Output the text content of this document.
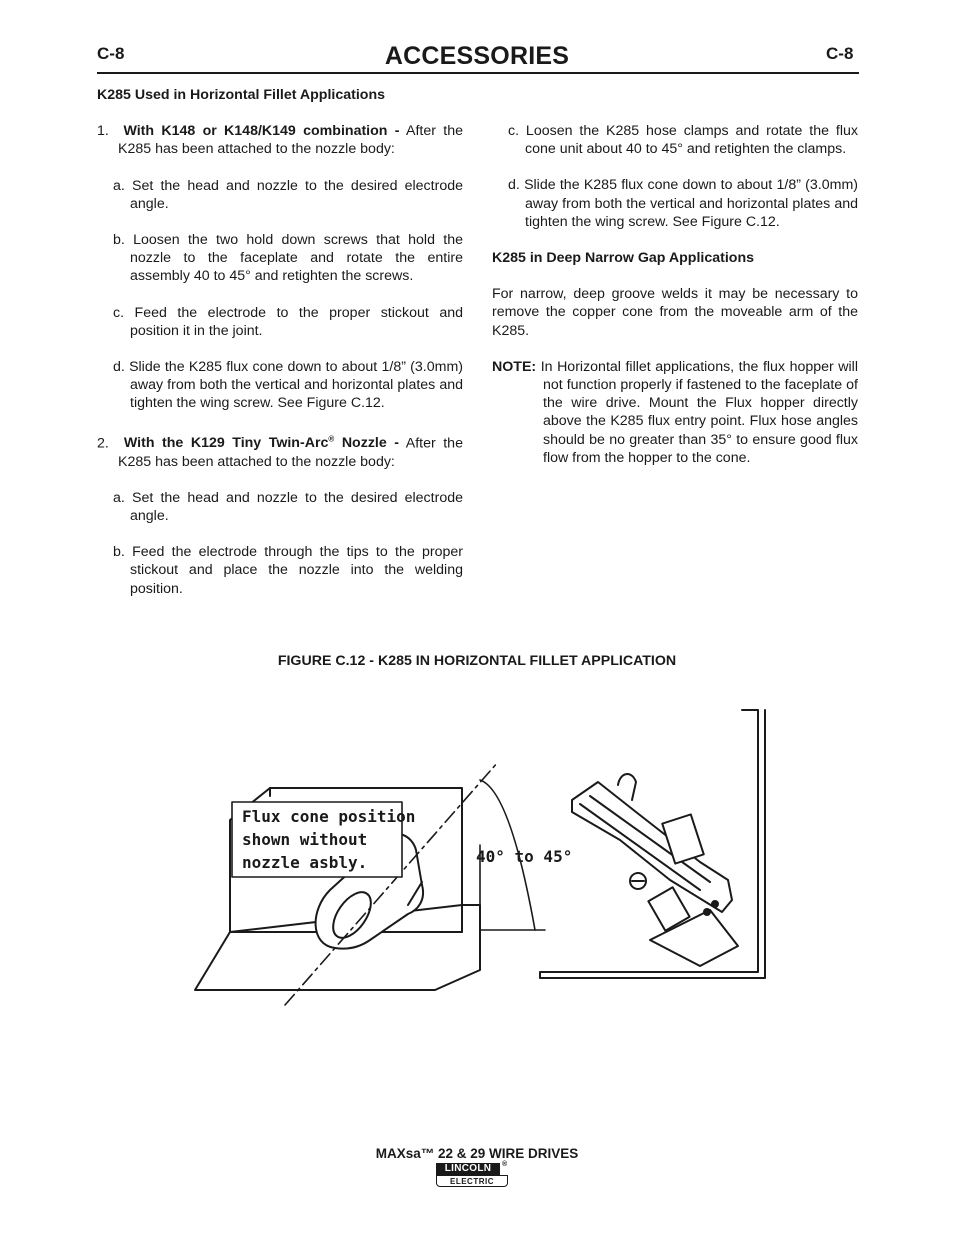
C-8	ACCESSORIES	C-8

K285 Used in Horizontal Fillet Applications

1. With K148 or K148/K149 combination - After the K285 has been attached to the nozzle body:

a. Set the head and nozzle to the desired electrode angle.

b. Loosen the two hold down screws that hold the nozzle to the faceplate and rotate the entire assembly 40 to 45° and retighten the screws.

c. Feed the electrode to the proper stickout and position it in the joint.

d. Slide the K285 flux cone down to about 1/8” (3.0mm) away from both the vertical and horizontal plates and tighten the wing screw. See Figure C.12.

2. With the K129 Tiny Twin-Arc® Nozzle - After the K285 has been attached to the nozzle body:

a. Set the head and nozzle to the desired electrode angle.

b. Feed the electrode through the tips to the proper stickout and place the nozzle into the welding position.

c. Loosen the K285 hose clamps and rotate the flux cone unit about 40 to 45° and retighten the clamps.

d. Slide the K285 flux cone down to about 1/8” (3.0mm) away from both the vertical and horizontal plates and tighten the wing screw. See Figure C.12.

K285 in Deep Narrow Gap Applications

For narrow, deep groove welds it may be necessary to remove the copper cone from the moveable arm of the K285.

NOTE: In Horizontal fillet applications, the flux hopper will not function properly if fastened to the faceplate of the wire drive. Mount the Flux hopper directly above the K285 flux entry point. Flux hose angles should be no greater than 35° to ensure good flux flow from the hopper to the cone.

FIGURE C.12 - K285 IN HORIZONTAL FILLET APPLICATION
Flux cone position
shown without
nozzle asbly.	40° to 45°
MAXsa™ 22 & 29 WIRE DRIVES
LINCOLN	®
ELECTRIC
